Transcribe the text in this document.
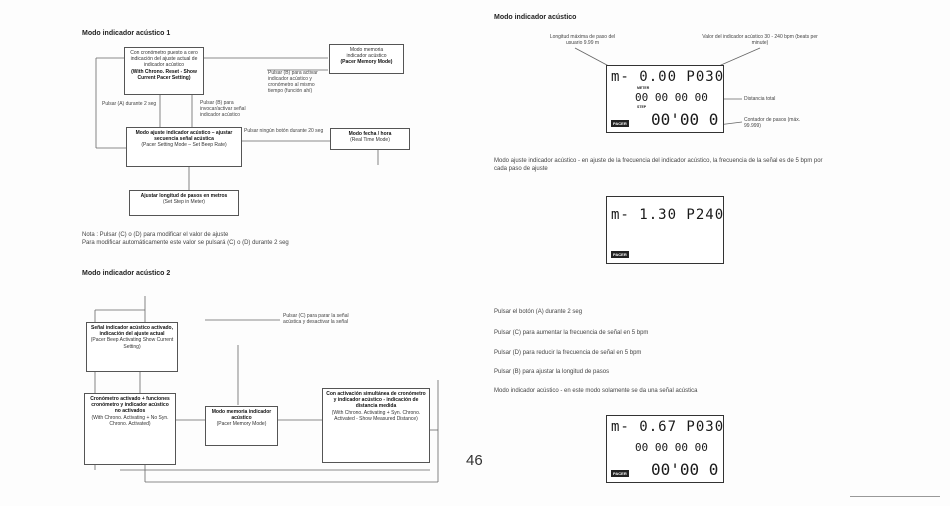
Modo indicador acústico 1
Con cronómetro puesto a cero
indicación del ajuste actual de
indicador acústico
(With Chrono. Reset - Show Current Pacer Setting)
Modo memoria
indicador acústico
(Pacer Memory Mode)
Pulsar (B) para activar indicador acústico y cronómetro al mismo tiempo (función ahí)
Pulsar (A) durante 2 seg	Pulsar (B) para invocar/activar señal indicador acústico
Modo ajuste indicador acústico – ajustar secuencia señal acústica
(Pacer Setting Mode – Set Beep Rate)
Pulsar ningún botón durante 20 seg	Modo fecha / hora
(Real Time Mode)
Ajustar longitud de pasos en metros
(Set Step in Meter)
Nota : Pulsar (C) o (D) para modificar el valor de ajuste
Para modificar automáticamente este valor se pulsará (C) o (D) durante 2 seg
Modo indicador acústico 2
Señal indicador acústico activado, indicación del ajuste actual
(Pacer Beep Activating Show Current Setting)
Pulsar (C) para parar la señal acústica y desactivar la señal
Cronómetro activado + funciones cronómetro y indicador acústico no activados
(With Chrono. Activating + No Syn. Chrono. Activated)
Modo memoria indicador acústico
(Pacer Memory Mode)
Con activación simultánea de cronómetro y indicador acústico - indicación de distancia medida
(With Chrono. Activating + Syn. Chrono. Activated - Show Measured Distance)
46
Modo indicador acústico
Longitud máxima de paso del usuario 9.99 m
Valor del indicador acústico 30 - 240 bpm (beats per minute)
m- 0.00 P030
METER
00 00 00 00
STEP
PACER 00'00 0
Distancia total
Contador de pasos (máx. 99.999)
Modo ajuste indicador acústico - en ajuste de la frecuencia del indicador acústico, la frecuencia de la señal es de 5 bpm por cada paso de ajuste
m- 1.30 P240
PACER
Pulsar el botón (A) durante 2 seg
Pulsar (C) para aumentar la frecuencia de señal en 5 bpm
Pulsar (D) para reducir la frecuencia de señal en 5 bpm
Pulsar (B) para ajustar la longitud de pasos
Modo indicador acústico - en este modo solamente se da una señal acústica
m- 0.67 P030
00 00 00 00
PACER 00'00 0
